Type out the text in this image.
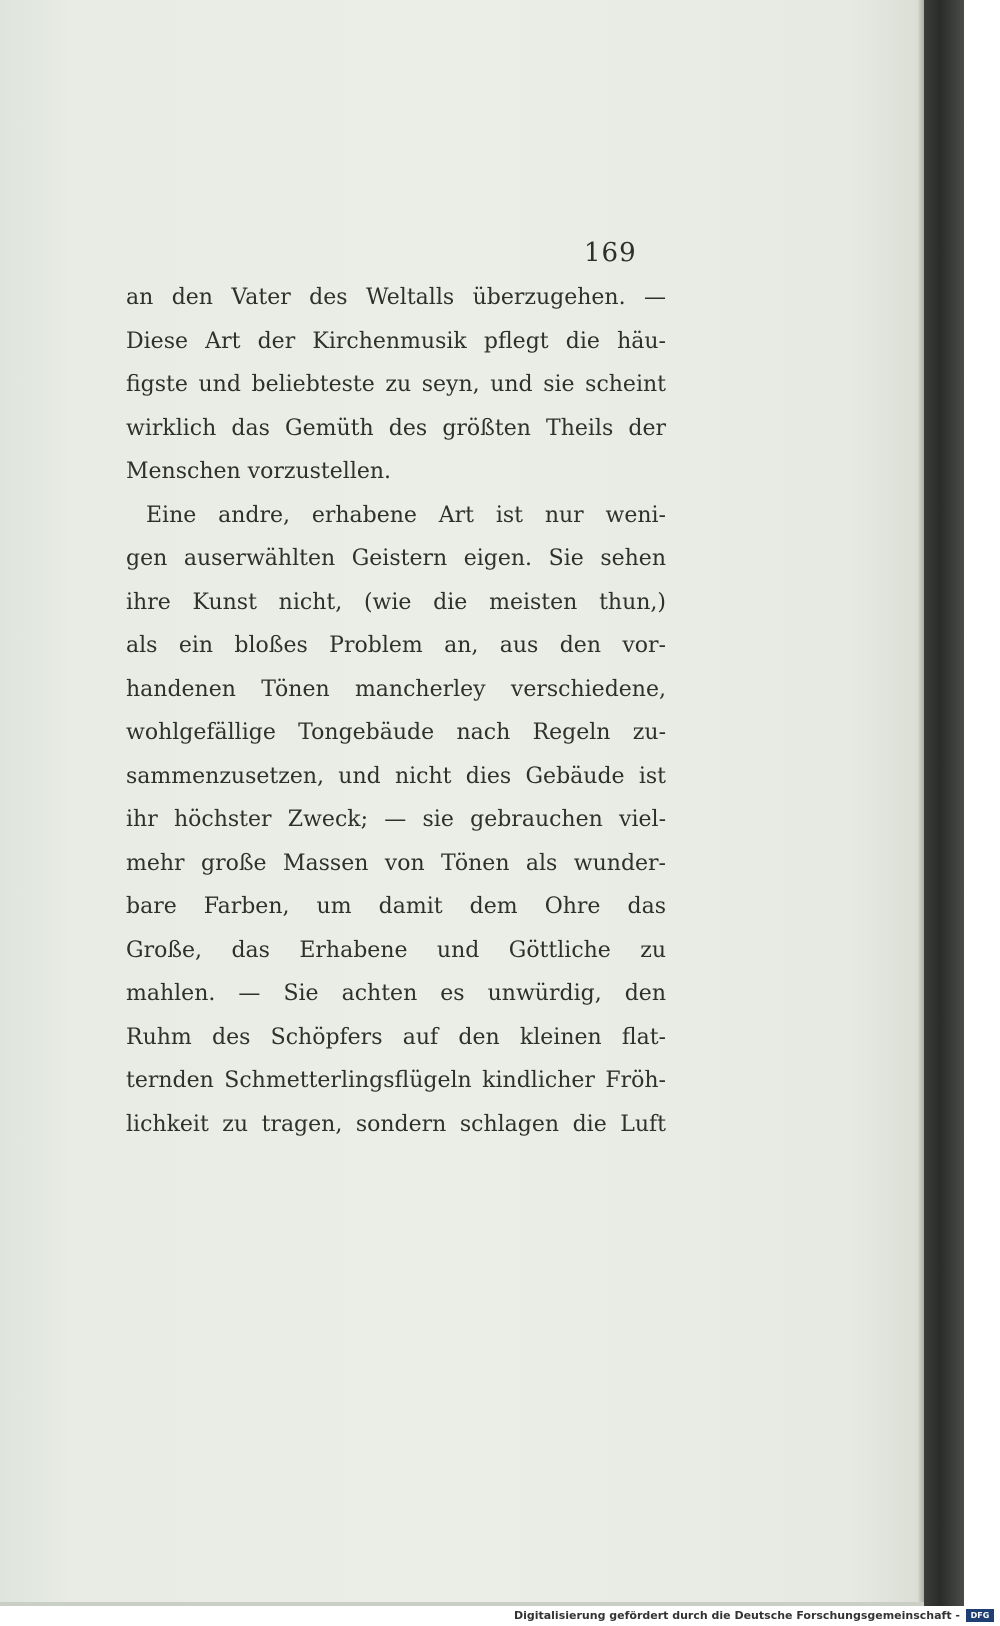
169
an den Vater des Weltalls überzugehen. —
Diese Art der Kirchenmusik pflegt die häu-
figste und beliebteste zu seyn, und sie scheint
wirklich das Gemüth des größten Theils der
Menschen vorzustellen.
Eine andre, erhabene Art ist nur weni-
gen auserwählten Geistern eigen. Sie sehen
ihre Kunst nicht, (wie die meisten thun,)
als ein bloßes Problem an, aus den vor-
handenen Tönen mancherley verschiedene,
wohlgefällige Tongebäude nach Regeln zu-
sammenzusetzen, und nicht dies Gebäude ist
ihr höchster Zweck; — sie gebrauchen viel-
mehr große Massen von Tönen als wunder-
bare Farben, um damit dem Ohre das
Große, das Erhabene und Göttliche zu
mahlen. — Sie achten es unwürdig, den
Ruhm des Schöpfers auf den kleinen flat-
ternden Schmetterlingsflügeln kindlicher Fröh-
lichkeit zu tragen, sondern schlagen die Luft
Digitalisierung gefördert durch die Deutsche Forschungsgemeinschaft -	DFG
